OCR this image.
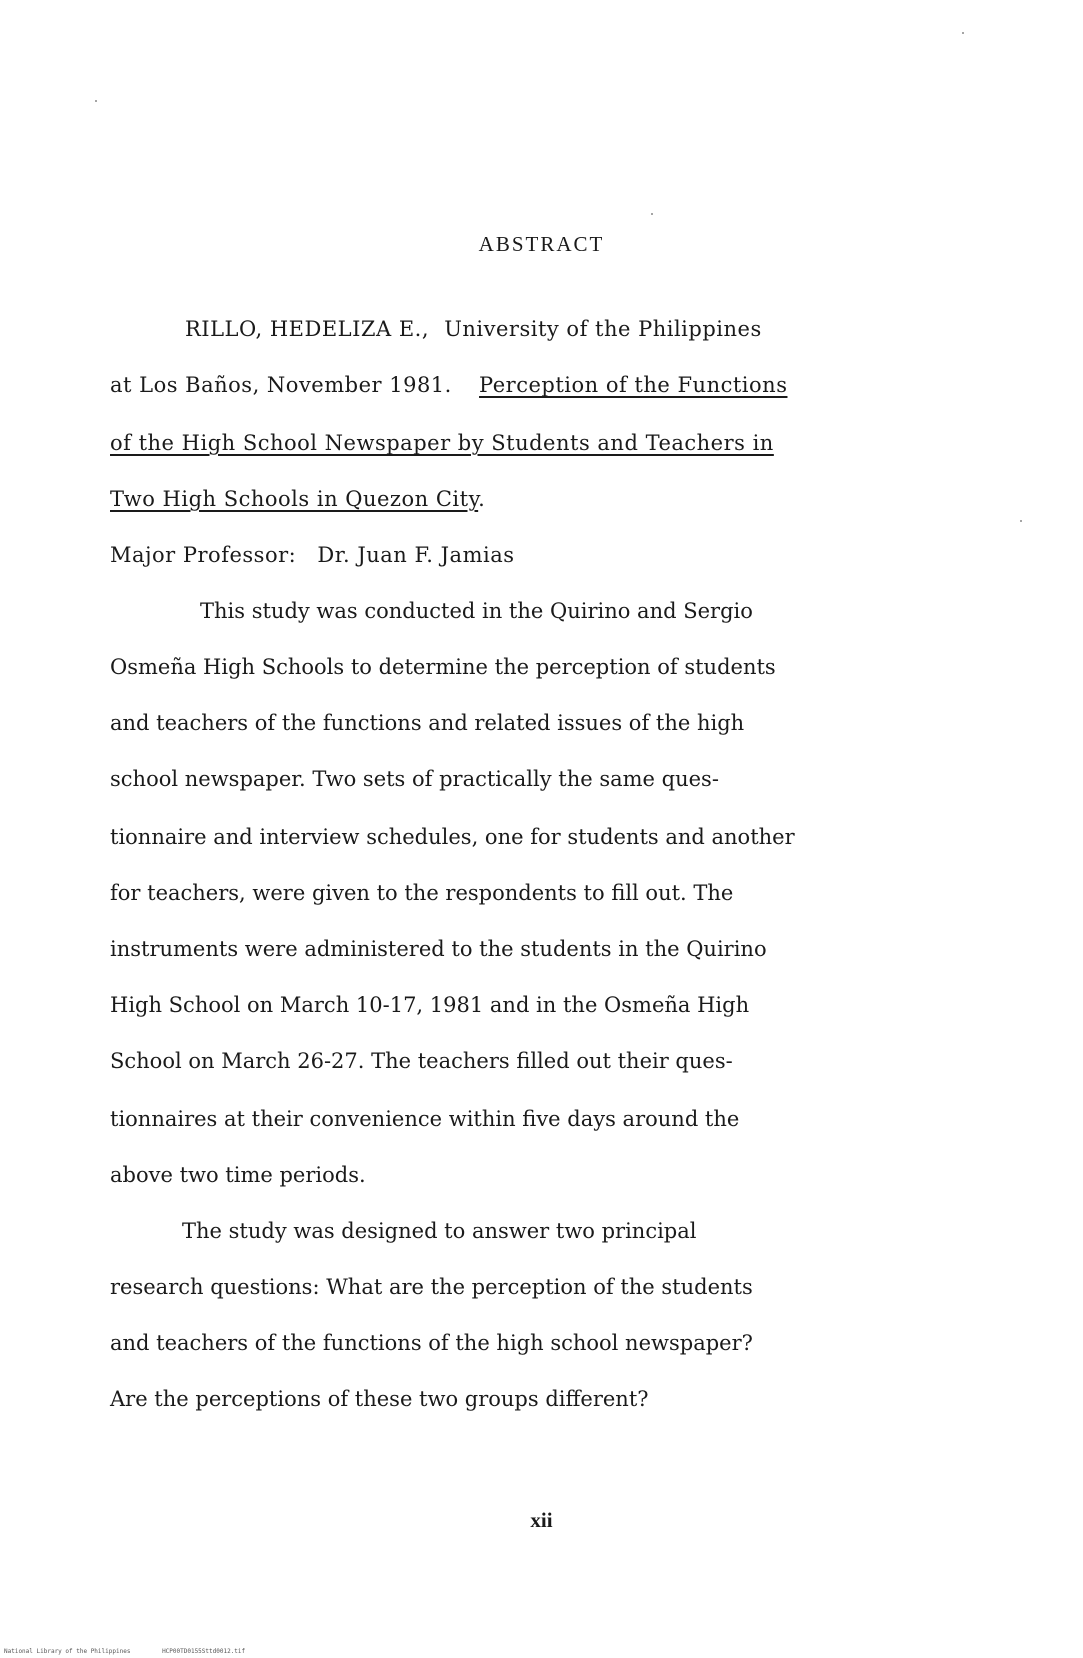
ABSTRACT
RILLO, HEDELIZA E., University of the Philippines
at Los Baños, November 1981. Perception of the Functions
of the High School Newspaper by Students and Teachers in
Two High Schools in Quezon City.
Major Professor: Dr. Juan F. Jamias
This study was conducted in the Quirino and Sergio
Osmeña High Schools to determine the perception of students
and teachers of the functions and related issues of the high
school newspaper. Two sets of practically the same ques-
tionnaire and interview schedules, one for students and another
for teachers, were given to the respondents to fill out. The
instruments were administered to the students in the Quirino
High School on March 10-17, 1981 and in the Osmeña High
School on March 26-27. The teachers filled out their ques-
tionnaires at their convenience within five days around the
above two time periods.
The study was designed to answer two principal
research questions: What are the perception of the students
and teachers of the functions of the high school newspaper?
Are the perceptions of these two groups different?
xii
National Library of the Philippines	HCP00TD0155Sttd0012.tif
